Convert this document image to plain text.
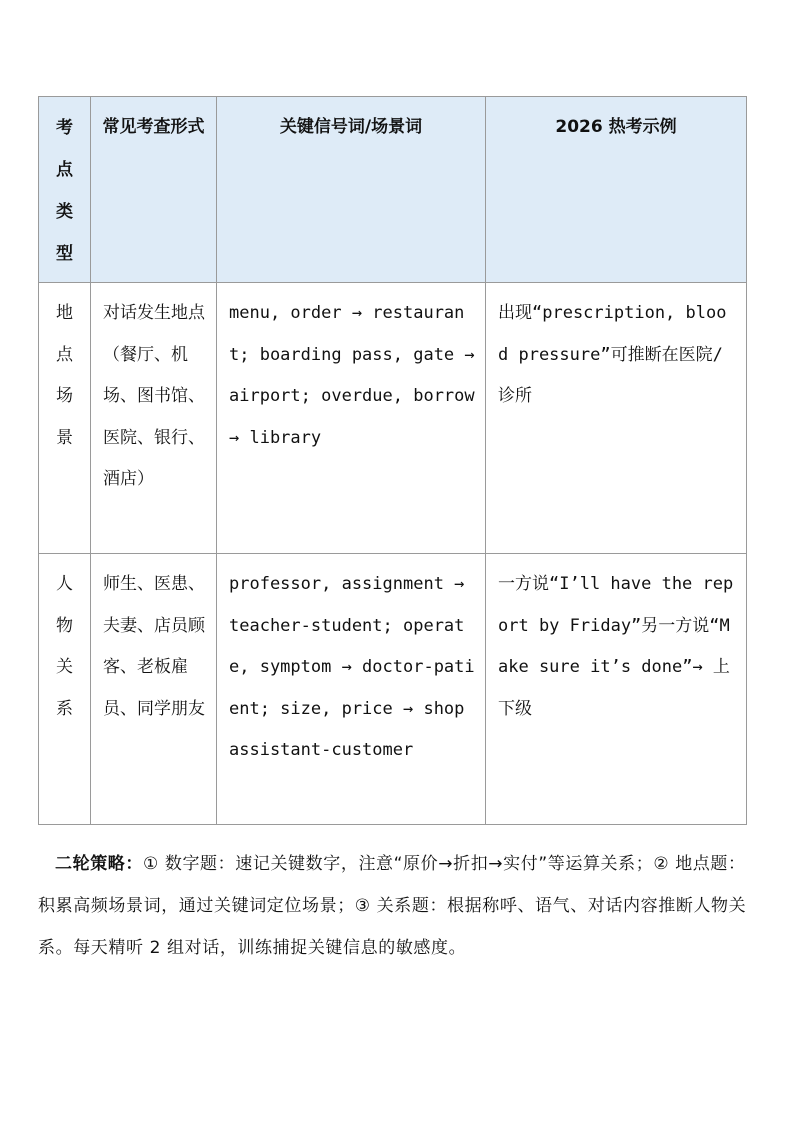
考
点
类
型	常见考查形式	关键信号词/场景词	2026 热考示例

地
点
场
景	对话发生地点（餐厅、机场、图书馆、医院、银行、酒店）	menu, order → restaurant; boarding pass, gate → airport; overdue, borrow → library	出现“prescription, blood pressure”可推断在医院/诊所

人
物
关
系	师生、医患、夫妻、店员顾客、老板雇员、同学朋友	professor, assignment → teacher-student; operate, symptom → doctor-patient; size, price → shop assistant-customer	一方说“I’ll have the report by Friday”另一方说“Make sure it’s done”→ 上下级

二轮策略：① 数字题：速记关键数字，注意“原价→折扣→实付”等运算关系；② 地点题：积累高频场景词，通过关键词定位场景；③ 关系题：根据称呼、语气、对话内容推断人物关系。每天精听 2 组对话，训练捕捉关键信息的敏感度。
